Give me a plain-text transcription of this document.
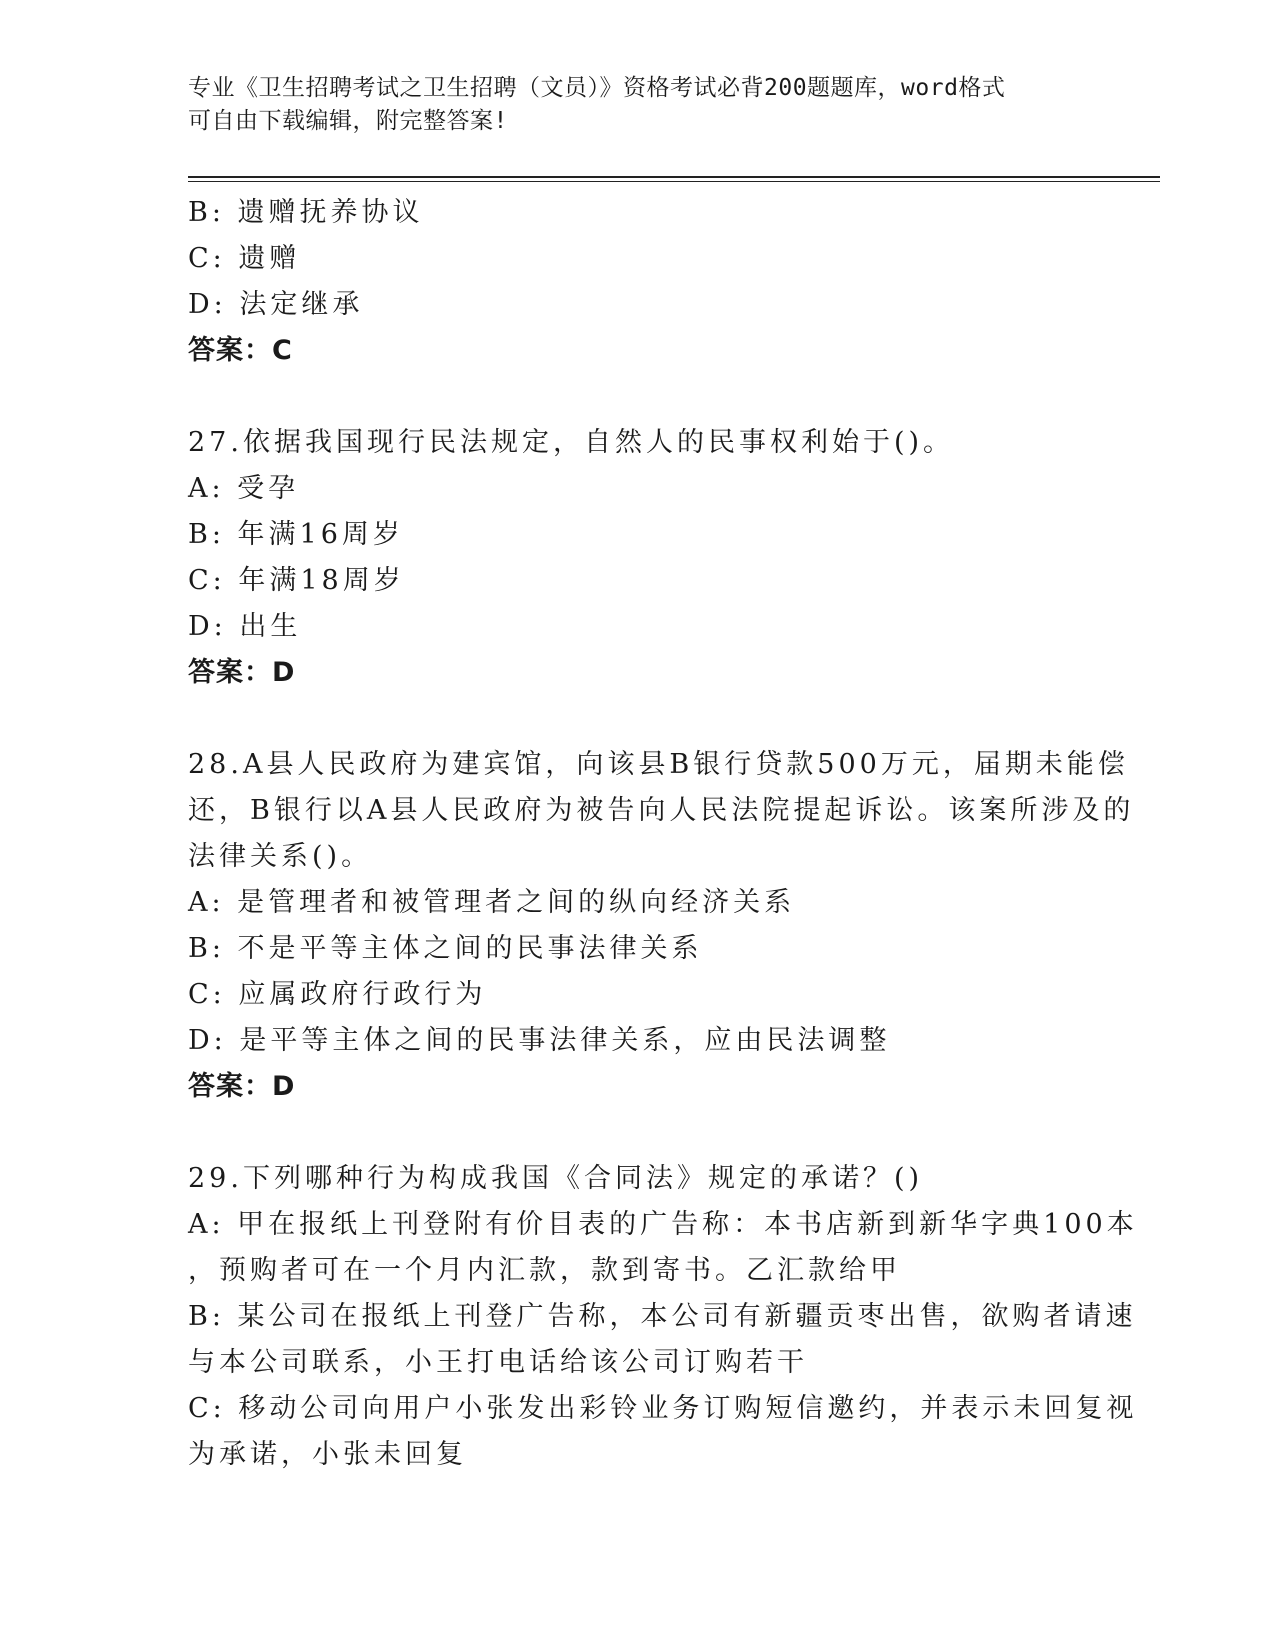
专业《卫生招聘考试之卫生招聘（文员）》资格考试必背200题题库，word格式
可自由下载编辑，附完整答案!
B: 遗赠抚养协议
C: 遗赠
D: 法定继承
答案：C
27.依据我国现行民法规定，自然人的民事权利始于()。
A: 受孕
B: 年满16周岁
C: 年满18周岁
D: 出生
答案：D
28.A县人民政府为建宾馆，向该县B银行贷款500万元，届期未能偿
还，B银行以A县人民政府为被告向人民法院提起诉讼。该案所涉及的
法律关系()。
A: 是管理者和被管理者之间的纵向经济关系
B: 不是平等主体之间的民事法律关系
C: 应属政府行政行为
D: 是平等主体之间的民事法律关系，应由民法调整
答案：D
29.下列哪种行为构成我国《合同法》规定的承诺？()
A: 甲在报纸上刊登附有价目表的广告称：本书店新到新华字典100本
，预购者可在一个月内汇款，款到寄书。乙汇款给甲
B: 某公司在报纸上刊登广告称，本公司有新疆贡枣出售，欲购者请速
与本公司联系，小王打电话给该公司订购若干
C: 移动公司向用户小张发出彩铃业务订购短信邀约，并表示未回复视
为承诺，小张未回复
